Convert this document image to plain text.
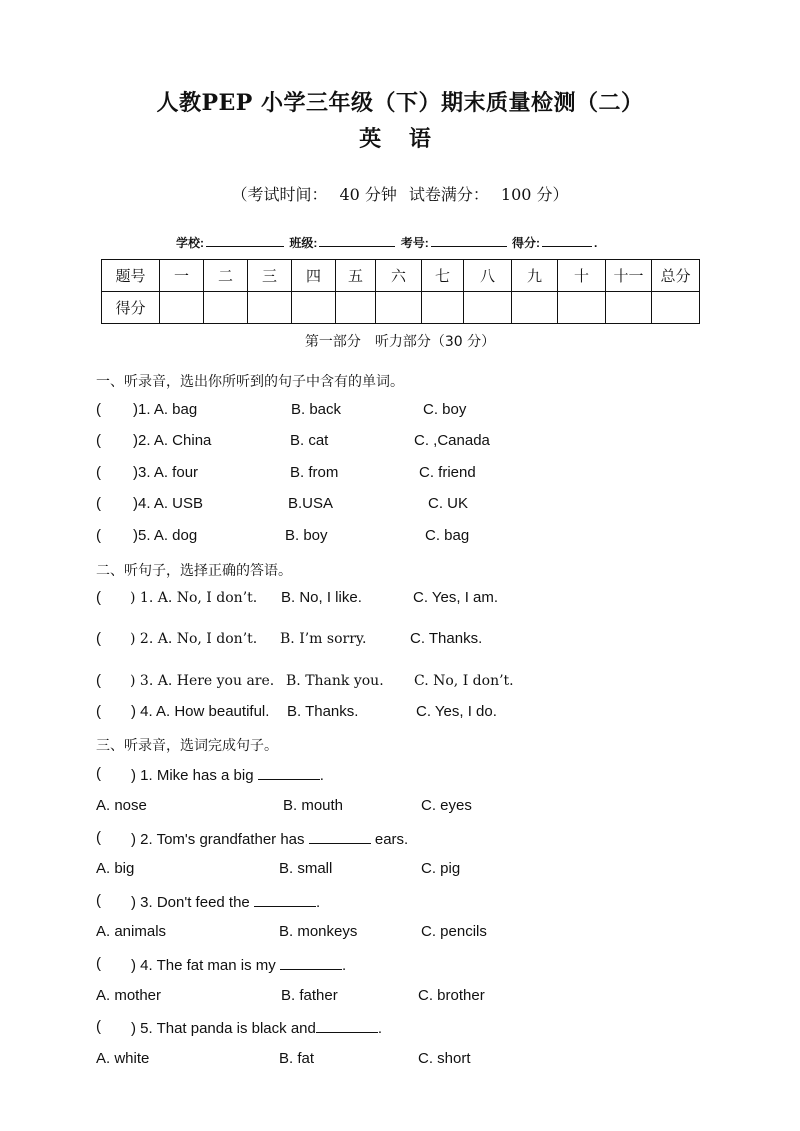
人教PEP 小学三年级（下）期末质量检测（二）
英 语
（考试时间： 40 分钟 试卷满分： 100 分）
学校:	班级:	考号:	得分:	.
题号	一	二	三	四	五	六	七	八	九	十	十一	总分
得分												
第一部分　听力部分（30 分）
一、听录音，选出你所听到的句子中含有的单词。
( )1. A. bag	B. back	C. boy
( )2. A. China	B. cat	C. ,Canada
( )3. A. four	B. from	C. friend
( )4. A. USB	B.USA	C. UK
( )5. A. dog	B. boy	C. bag
二、听句子，选择正确的答语。
( ) 1. A. No, I don’t. B. No, I like.	C. Yes, I am.
( ) 2. A. No, I don’t. B. I’m sorry.	C. Thanks.
( ) 3. A. Here you are. B. Thank you. C. No, I don’t.
( ) 4. A. How beautiful. B. Thanks.	C. Yes, I do.
三、听录音，选词完成句子。
( ) 1. Mike has a big	.
A. nose	B. mouth	C. eyes
( ) 2. Tom's grandfather has	ears.
A. big	B. small	C. pig
( ) 3. Don't feed the	.
A. animals	B. monkeys	C. pencils
( ) 4. The fat man is my	.
A. mother	B. father	C. brother
( ) 5. That panda is black and	.
A. white	B. fat	C. short
